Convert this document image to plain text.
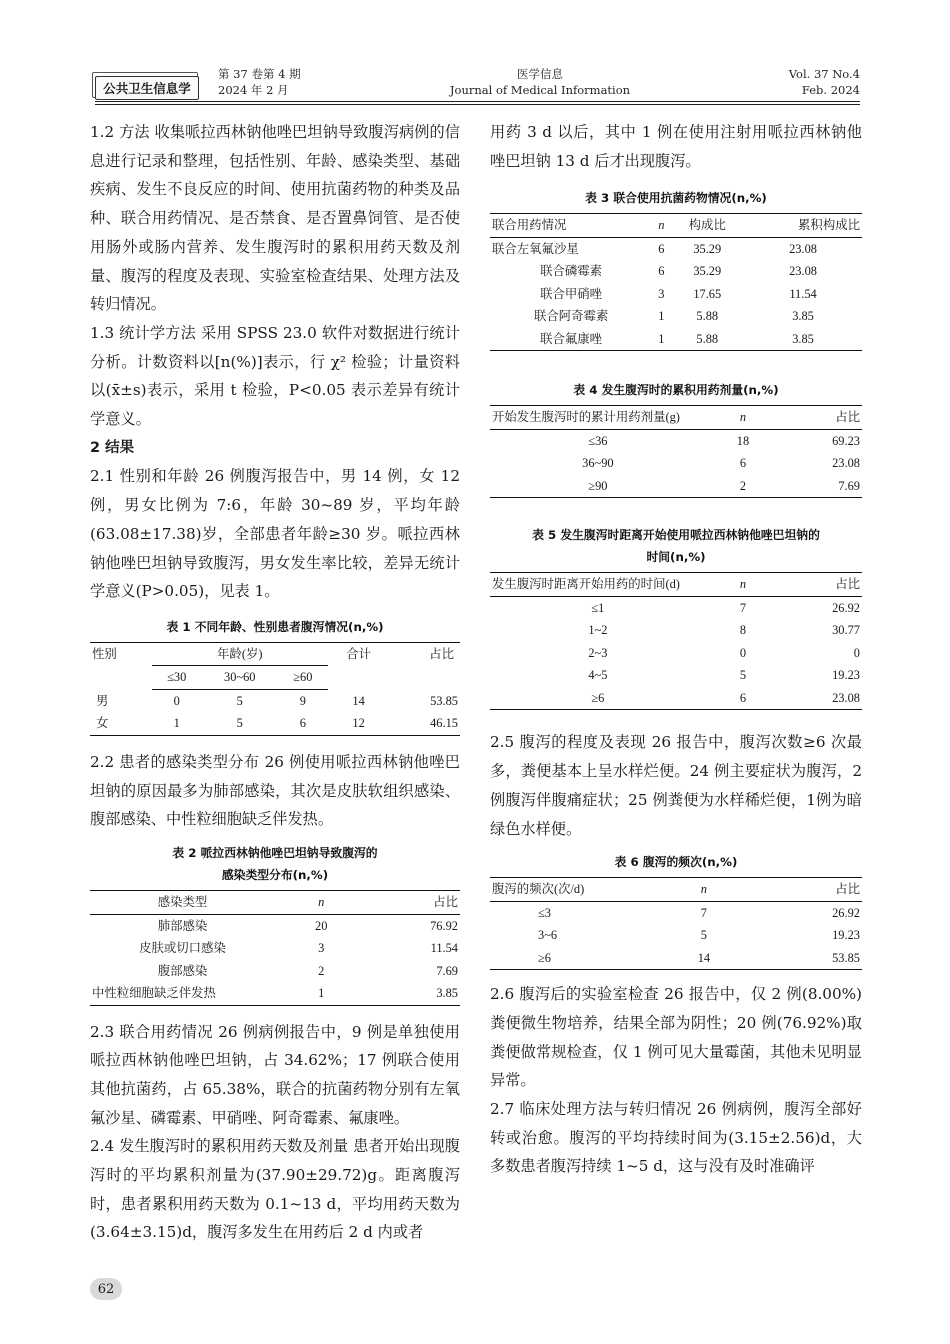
公共卫生信息学
第 37 卷第 4 期
2024 年 2 月
医学信息
Journal of Medical Information
Vol. 37 No.4
Feb. 2024

1.2 方法 收集哌拉西林钠他唑巴坦钠导致腹泻病例的信息进行记录和整理，包括性别、年龄、感染类型、基础疾病、发生不良反应的时间、使用抗菌药物的种类及品种、联合用药情况、是否禁食、是否置鼻饲管、是否使用肠外或肠内营养、发生腹泻时的累积用药天数及剂量、腹泻的程度及表现、实验室检查结果、处理方法及转归情况。

1.3 统计学方法 采用 SPSS 23.0 软件对数据进行统计分析。计数资料以[n(%)]表示，行 χ² 检验；计量资料以(x̄±s)表示，采用 t 检验，P<0.05 表示差异有统计学意义。

2 结果

2.1 性别和年龄 26 例腹泻报告中，男 14 例，女 12 例，男女比例为 7:6，年龄 30~89 岁，平均年龄(63.08±17.38)岁，全部患者年龄≥30 岁。哌拉西林钠他唑巴坦钠导致腹泻，男女发生率比较，差异无统计学意义(P>0.05)，见表 1。

表 1 不同年龄、性别患者腹泻情况(n,%)
性别	年龄(岁)			合计	占比
	≤30	30~60	≥60		
男	0	5	9	14	53.85
女	1	5	6	12	46.15

2.2 患者的感染类型分布 26 例使用哌拉西林钠他唑巴坦钠的原因最多为肺部感染，其次是皮肤软组织感染、腹部感染、中性粒细胞缺乏伴发热。

表 2 哌拉西林钠他唑巴坦钠导致腹泻的
感染类型分布(n,%)
感染类型	n	占比
肺部感染	20	76.92
皮肤或切口感染	3	11.54
腹部感染	2	7.69
中性粒细胞缺乏伴发热	1	3.85

2.3 联合用药情况 26 例病例报告中，9 例是单独使用哌拉西林钠他唑巴坦钠，占 34.62%；17 例联合使用其他抗菌药，占 65.38%，联合的抗菌药物分别有左氧氟沙星、磷霉素、甲硝唑、阿奇霉素、氟康唑。

2.4 发生腹泻时的累积用药天数及剂量 患者开始出现腹泻时的平均累积剂量为(37.90±29.72)g。距离腹泻时，患者累积用药天数为 0.1~13 d，平均用药天数为(3.64±3.15)d，腹泻多发生在用药后 2 d 内或者

用药 3 d 以后，其中 1 例在使用注射用哌拉西林钠他唑巴坦钠 13 d 后才出现腹泻。

表 3 联合使用抗菌药物情况(n,%)
联合用药情况	n	构成比	累积构成比
联合左氧氟沙星	6	35.29	23.08
联合磷霉素	6	35.29	23.08
联合甲硝唑	3	17.65	11.54
联合阿奇霉素	1	5.88	3.85
联合氟康唑	1	5.88	3.85
表 4 发生腹泻时的累积用药剂量(n,%)
开始发生腹泻时的累计用药剂量(g)	n	占比
≤36	18	69.23
36~90	6	23.08
≥90	2	7.69
表 5 发生腹泻时距离开始使用哌拉西林钠他唑巴坦钠的
时间(n,%)
发生腹泻时距离开始用药的时间(d)	n	占比
≤1	7	26.92
1~2	8	30.77
2~3	0	0
4~5	5	19.23
≥6	6	23.08

2.5 腹泻的程度及表现 26 报告中，腹泻次数≥6 次最多，粪便基本上呈水样烂便。24 例主要症状为腹泻，2 例腹泻伴腹痛症状；25 例粪便为水样稀烂便，1例为暗绿色水样便。

表 6 腹泻的频次(n,%)
腹泻的频次(次/d)	n	占比
≤3	7	26.92
3~6	5	19.23
≥6	14	53.85

2.6 腹泻后的实验室检查 26 报告中，仅 2 例(8.00%)粪便微生物培养，结果全部为阴性；20 例(76.92%)取粪便做常规检查，仅 1 例可见大量霉菌，其他未见明显异常。

2.7 临床处理方法与转归情况 26 例病例，腹泻全部好转或治愈。腹泻的平均持续时间为(3.15±2.56)d，大多数患者腹泻持续 1~5 d，这与没有及时准确评

62
